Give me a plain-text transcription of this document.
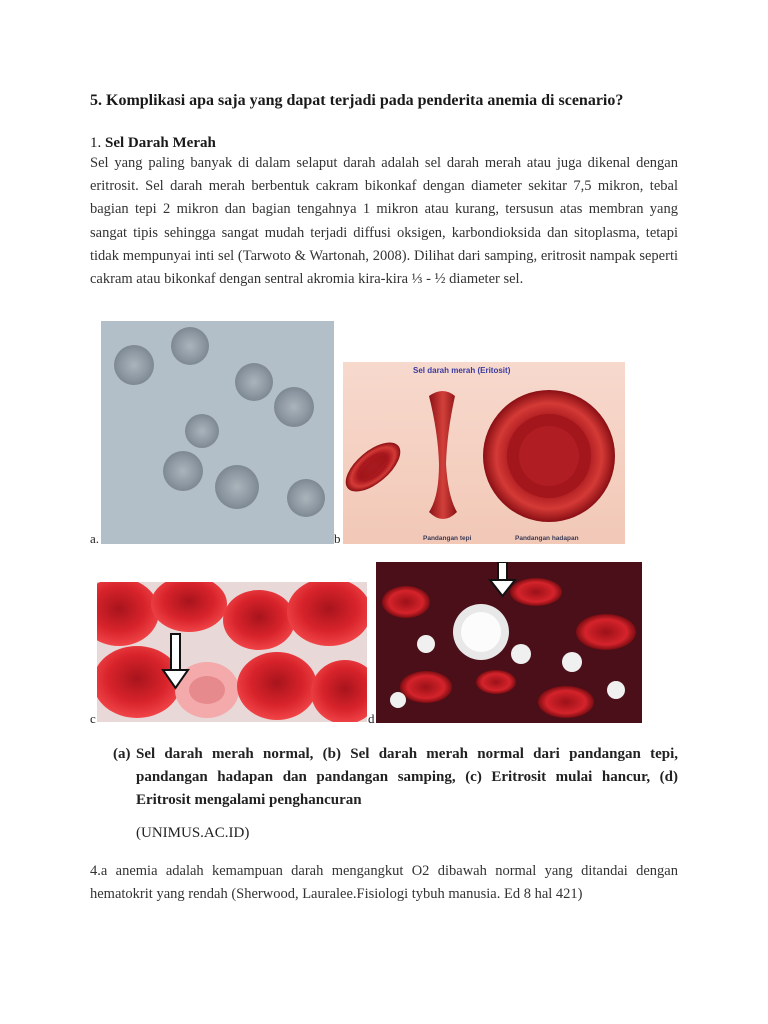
5. Komplikasi apa saja yang dapat terjadi pada penderita anemia di scenario?
1. Sel Darah Merah
Sel yang paling banyak di dalam selaput darah adalah sel darah merah atau juga dikenal dengan eritrosit. Sel darah merah berbentuk cakram bikonkaf dengan diameter sekitar 7,5 mikron, tebal bagian tepi 2 mikron dan bagian tengahnya 1 mikron atau kurang, tersusun atas membran yang sangat tipis sehingga sangat mudah terjadi diffusi oksigen, karbondioksida dan sitoplasma, tetapi tidak mempunyai inti sel (Tarwoto & Wartonah, 2008). Dilihat dari samping, eritrosit nampak seperti cakram atau bikonkaf dengan sentral akromia kira-kira ⅓ - ½ diameter sel.
a.
Sel darah merah (Eritosit)
Pandangan tepi	Pandangan hadapan
b
c	d
(a) Sel darah merah normal, (b) Sel darah merah normal dari pandangan tepi, pandangan hadapan dan pandangan samping, (c) Eritrosit mulai hancur, (d) Eritrosit mengalami penghancuran
(UNIMUS.AC.ID)
4.a anemia adalah kemampuan darah mengangkut O2 dibawah normal yang ditandai dengan hematokrit yang rendah (Sherwood, Lauralee.Fisiologi tybuh manusia. Ed 8 hal 421)
